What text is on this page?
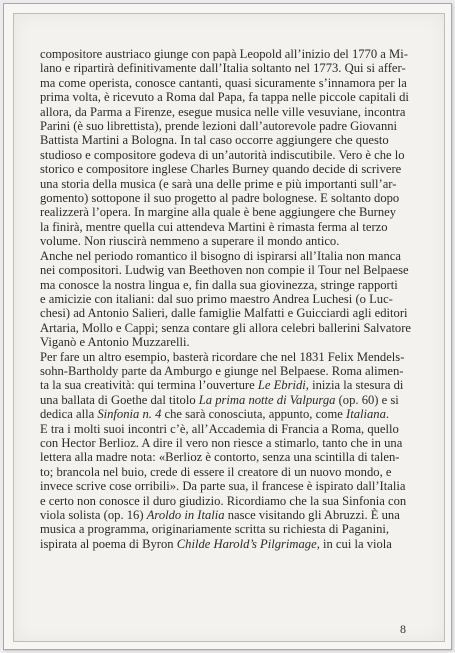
compositore austriaco giunge con papà Leopold all’inizio del 1770 a Mi-
lano e ripartirà definitivamente dall’Italia soltanto nel 1773. Qui si affer-
ma come operista, conosce cantanti, quasi sicuramente s’innamora per la
prima volta, è ricevuto a Roma dal Papa, fa tappa nelle piccole capitali di
allora, da Parma a Firenze, esegue musica nelle ville vesuviane, incontra
Parini (è suo librettista), prende lezioni dall’autorevole padre Giovanni
Battista Martini a Bologna. In tal caso occorre aggiungere che questo
studioso e compositore godeva di un’autorità indiscutibile. Vero è che lo
storico e compositore inglese Charles Burney quando decide di scrivere
una storia della musica (e sarà una delle prime e più importanti sull’ar-
gomento) sottopone il suo progetto al padre bolognese. E soltanto dopo
realizzerà l’opera. In margine alla quale è bene aggiungere che Burney
la finirà, mentre quella cui attendeva Martini è rimasta ferma al terzo
volume. Non riuscirà nemmeno a superare il mondo antico.
Anche nel periodo romantico il bisogno di ispirarsi all’Italia non manca
nei compositori. Ludwig van Beethoven non compie il Tour nel Belpaese
ma conosce la nostra lingua e, fin dalla sua giovinezza, stringe rapporti
e amicizie con italiani: dal suo primo maestro Andrea Luchesi (o Luc-
chesi) ad Antonio Salieri, dalle famiglie Malfatti e Guicciardi agli editori
Artaria, Mollo e Cappi; senza contare gli allora celebri ballerini Salvatore
Viganò e Antonio Muzzarelli.
Per fare un altro esempio, basterà ricordare che nel 1831 Felix Mendels-
sohn-Bartholdy parte da Amburgo e giunge nel Belpaese. Roma alimen-
ta la sua creatività: qui termina l’ouverture Le Ebridi, inizia la stesura di
una ballata di Goethe dal titolo La prima notte di Valpurga (op. 60) e si
dedica alla Sinfonia n. 4 che sarà conosciuta, appunto, come Italiana.
E tra i molti suoi incontri c’è, all’Accademia di Francia a Roma, quello
con Hector Berlioz. A dire il vero non riesce a stimarlo, tanto che in una
lettera alla madre nota: «Berlioz è contorto, senza una scintilla di talen-
to; brancola nel buio, crede di essere il creatore di un nuovo mondo, e
invece scrive cose orribili». Da parte sua, il francese è ispirato dall’Italia
e certo non conosce il duro giudizio. Ricordiamo che la sua Sinfonia con
viola solista (op. 16) Aroldo in Italia nasce visitando gli Abruzzi. È una
musica a programma, originariamente scritta su richiesta di Paganini,
ispirata al poema di Byron Childe Harold’s Pilgrimage, in cui la viola
8
